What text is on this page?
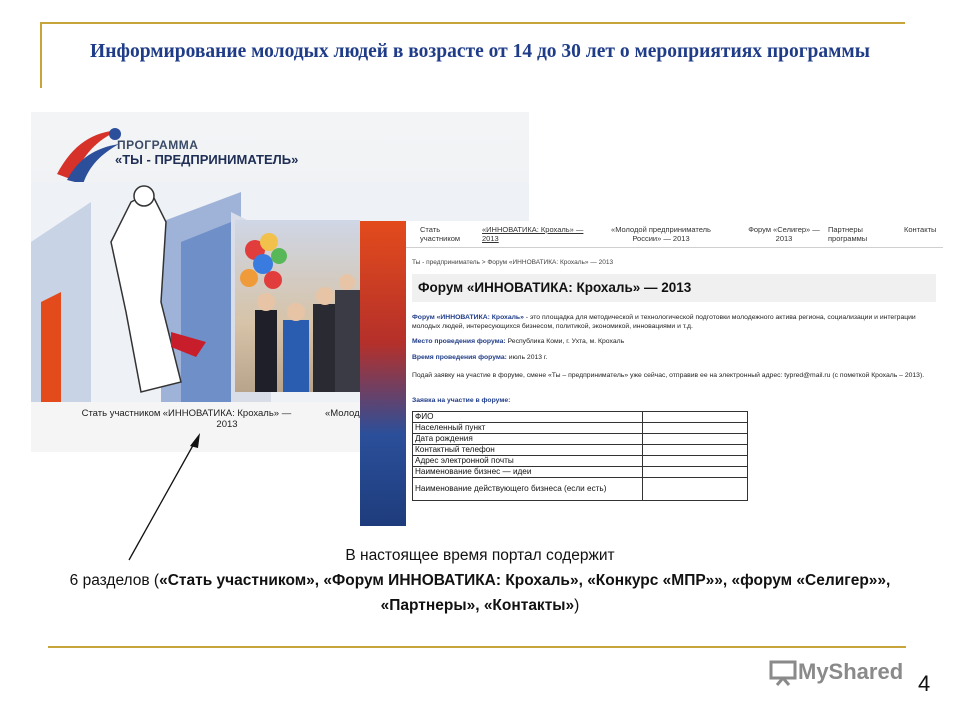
Информирование молодых людей в возрасте от 14 до 30 лет о мероприятиях программы
ПРОГРАММА
«ТЫ - ПРЕДПРИНИМАТЕЛЬ»
Стать участником «ИННОВАТИКА: Крохаль» — 2013
«Молод
Стать участником
«ИННОВАТИКА: Крохаль» — 2013
«Молодой предприниматель России» — 2013
Форум «Селигер» — 2013
Партнеры программы
Контакты
Ты - предприниматель > Форум «ИННОВАТИКА: Крохаль» — 2013
Форум «ИННОВАТИКА: Крохаль» — 2013
Форум «ИННОВАТИКА: Крохаль» - это площадка для методической и технологической подготовки молодежного актива региона, социализации и интеграции молодых людей, интересующихся бизнесом, политикой, экономикой, инновациями и т.д.
Место проведения форума: Республика Коми, г. Ухта, м. Крохаль
Время проведения форума: июль 2013 г.
Подай заявку на участие в форуме, смене «Ты – предприниматель» уже сейчас, отправив ее на электронный адрес: typred@mail.ru (с пометкой Крохаль – 2013).
Заявка на участие в форуме:
ФИО	
Населенный пункт	
Дата рождения	
Контактный телефон	
Адрес электронной почты	
Наименование бизнес — идеи	
Наименование действующего бизнеса (если есть)	
В настоящее время портал содержит
6 разделов («Стать участником», «Форум ИННОВАТИКА: Крохаль», «Конкурс «МПР»», «форум «Селигер»», «Партнеры», «Контакты»)
MyShared 4
